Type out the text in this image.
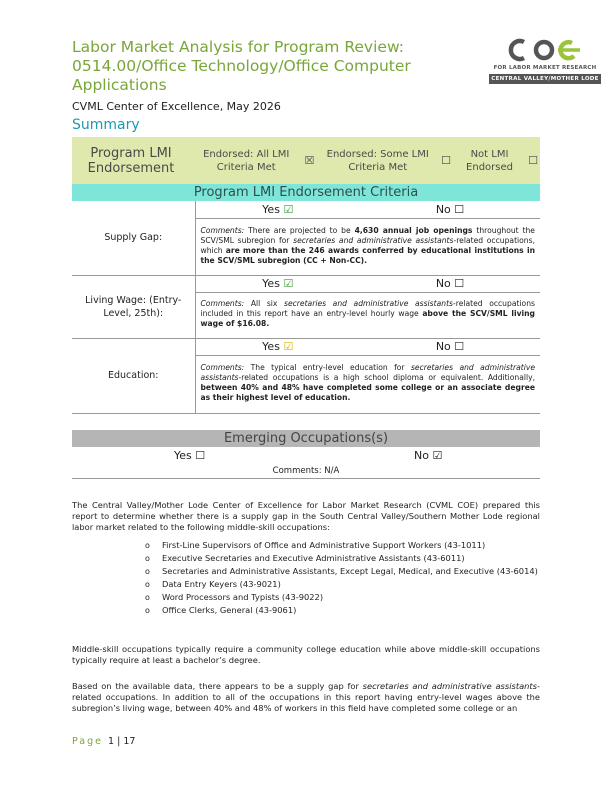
Labor Market Analysis for Program Review:
0514.00/Office Technology/Office Computer
Applications
CVML Center of Excellence, May 2026
Summary
FOR LABOR MARKET RESEARCH
CENTRAL VALLEY/MOTHER LODE
Program LMI Endorsement	Endorsed: All LMI Criteria Met	☒	Endorsed: Some LMI Criteria Met	☐	Not LMI Endorsed	☐
Program LMI Endorsement Criteria
Supply Gap:	Yes ☑	No ☐
	Comments: There are projected to be 4,630 annual job openings throughout the SCV/SML subregion for secretaries and administrative assistants-related occupations, which are more than the 246 awards conferred by educational institutions in the SCV/SML subregion (CC + Non-CC).	
Living Wage: (Entry-Level, 25th):	Yes ☑	No ☐
	Comments: All six secretaries and administrative assistants-related occupations included in this report have an entry-level hourly wage above the SCV/SML living wage of $16.08.	
Education:	Yes ☑	No ☐
	Comments: The typical entry-level education for secretaries and administrative assistants-related occupations is a high school diploma or equivalent. Additionally, between 40% and 48% have completed some college or an associate degree as their highest level of education.	
Emerging Occupations(s)
Yes ☐	No ☑
Comments: N/A

The Central Valley/Mother Lode Center of Excellence for Labor Market Research (CVML COE) prepared this report to determine whether there is a supply gap in the South Central Valley/Southern Mother Lode regional labor market related to the following middle-skill occupations:

o First-Line Supervisors of Office and Administrative Support Workers (43-1011)
o Executive Secretaries and Executive Administrative Assistants (43-6011)
o Secretaries and Administrative Assistants, Except Legal, Medical, and Executive (43-6014)
o Data Entry Keyers (43-9021)
o Word Processors and Typists (43-9022)
o Office Clerks, General (43-9061)

Middle-skill occupations typically require a community college education while above middle-skill occupations typically require at least a bachelor’s degree.

Based on the available data, there appears to be a supply gap for secretaries and administrative assistants-related occupations. In addition to all of the occupations in this report having entry-level wages above the subregion’s living wage, between 40% and 48% of workers in this field have completed some college or an

Page 1 | 17
